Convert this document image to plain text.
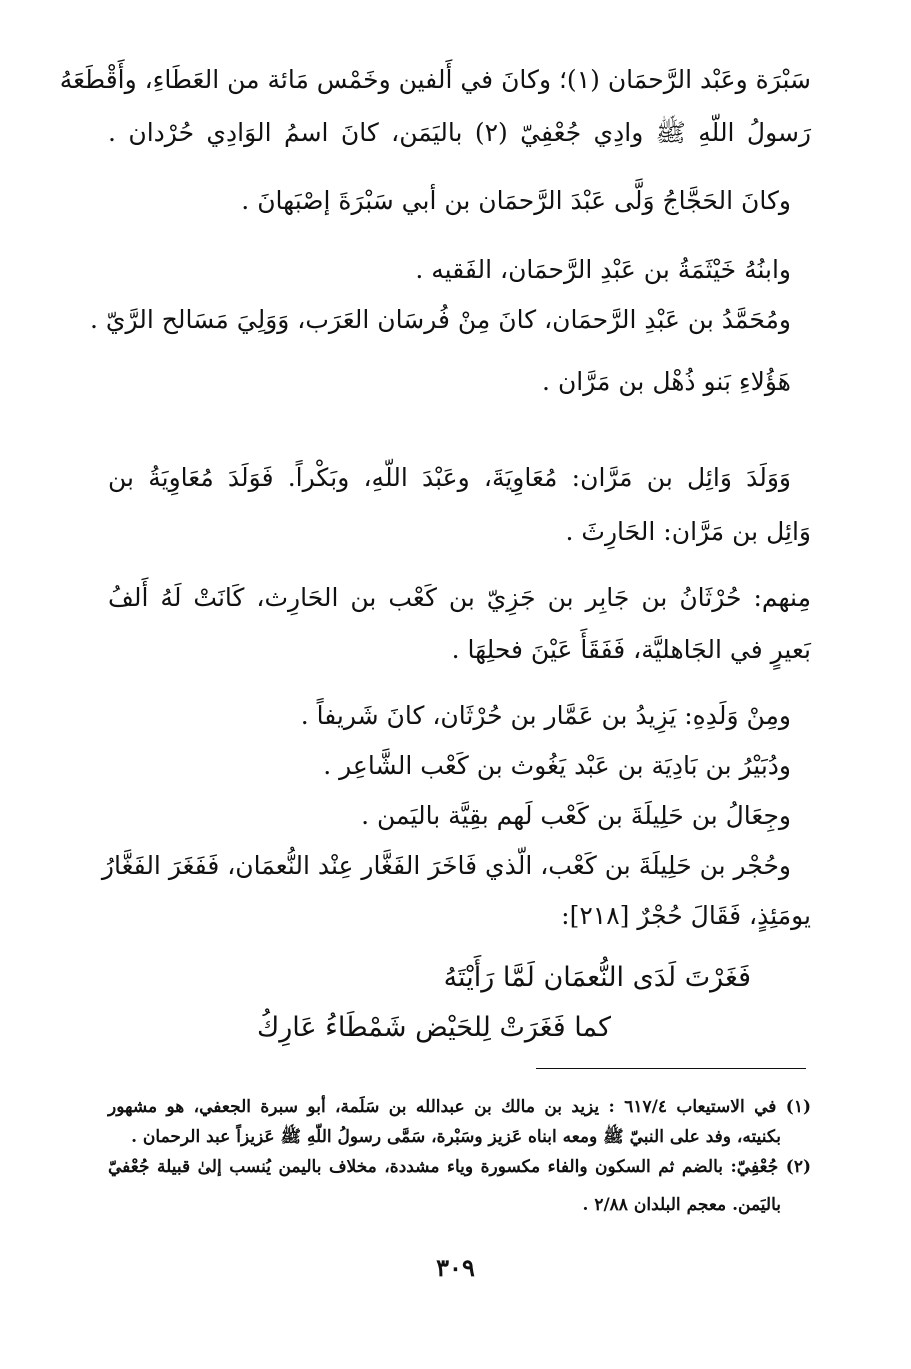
سَبْرَة وعَبْد الرَّحمَان (١)؛ وكانَ في أَلفين وخَمْس مَائة من العَطَاءِ، وأَقْطَعَهُ
رَسولُ اللّهِ ﷺ وادِي جُعْفِيّ (٢) باليَمَن، كانَ اسمُ الوَادِي حُرْدان .
وكانَ الحَجَّاجُ وَلَّى عَبْدَ الرَّحمَان بن أبي سَبْرَةَ إصْبَهانَ .
وابنُهُ خَيْثَمَةُ بن عَبْدِ الرَّحمَان، الفَقيه .
ومُحَمَّدُ بن عَبْدِ الرَّحمَان، كانَ مِنْ فُرسَان العَرَب، وَوَلِيَ مَسَالح الرَّيّ .
هَؤُلاءِ بَنو ذُهْل بن مَرَّان .
وَوَلَدَ وَائِل بن مَرَّان: مُعَاوِيَةَ، وعَبْدَ اللّهِ، وبَكْراً. فَوَلَدَ مُعَاوِيَةُ بن
وَائِل بن مَرَّان: الحَارِثَ .
مِنهم: حُرْثَانُ بن جَابِر بن جَزِيّ بن كَعْب بن الحَارِث، كَانَتْ لَهُ أَلفُ
بَعيرٍ في الجَاهليَّة، فَفَقَأَ عَيْنَ فحلِهَا .
ومِنْ وَلَدِهِ: يَزِيدُ بن عَمَّار بن حُرْثَان، كانَ شَريفاً .
ودُبَيْرُ بن بَادِيَة بن عَبْد يَغُوث بن كَعْب الشَّاعِر .
وجِعَالُ بن حَلِيلَةَ بن كَعْب لَهم بقِيَّة باليَمن .
وحُجْر بن حَلِيلَةَ بن كَعْب، الّذي فَاخَرَ الفَغَّار عِنْد النُّعمَان، فَفَغَرَ الفَغَّارُ
يومَئِذٍ، فَقَالَ حُجْرٌ [٢١٨]:
فَغَرْتَ لَدَى النُّعمَان لَمَّا رَأَيْتَهُ
كما فَغَرَتْ لِلحَيْض شَمْطَاءُ عَارِكُ
(١) في الاستيعاب ٦١٧/٤ : يزيد بن مالك بن عبدالله بن سَلَمة، أبو سبرة الجعفي، هو مشهور
بكنيته، وفد على النبيّ ﷺ ومعه ابناه عَزيز وسَبْرة، سَمَّى رسولُ اللّهِ ﷺ عَزيزاً عبد الرحمان .
(٢) جُعْفِيّ: بالضم ثم السكون والفاء مكسورة وياء مشددة، مخلاف باليمن يُنسب إلىٰ قبيلة جُعْفيّ
باليَمن. معجم البلدان ٢/٨٨ .
٣٠٩
